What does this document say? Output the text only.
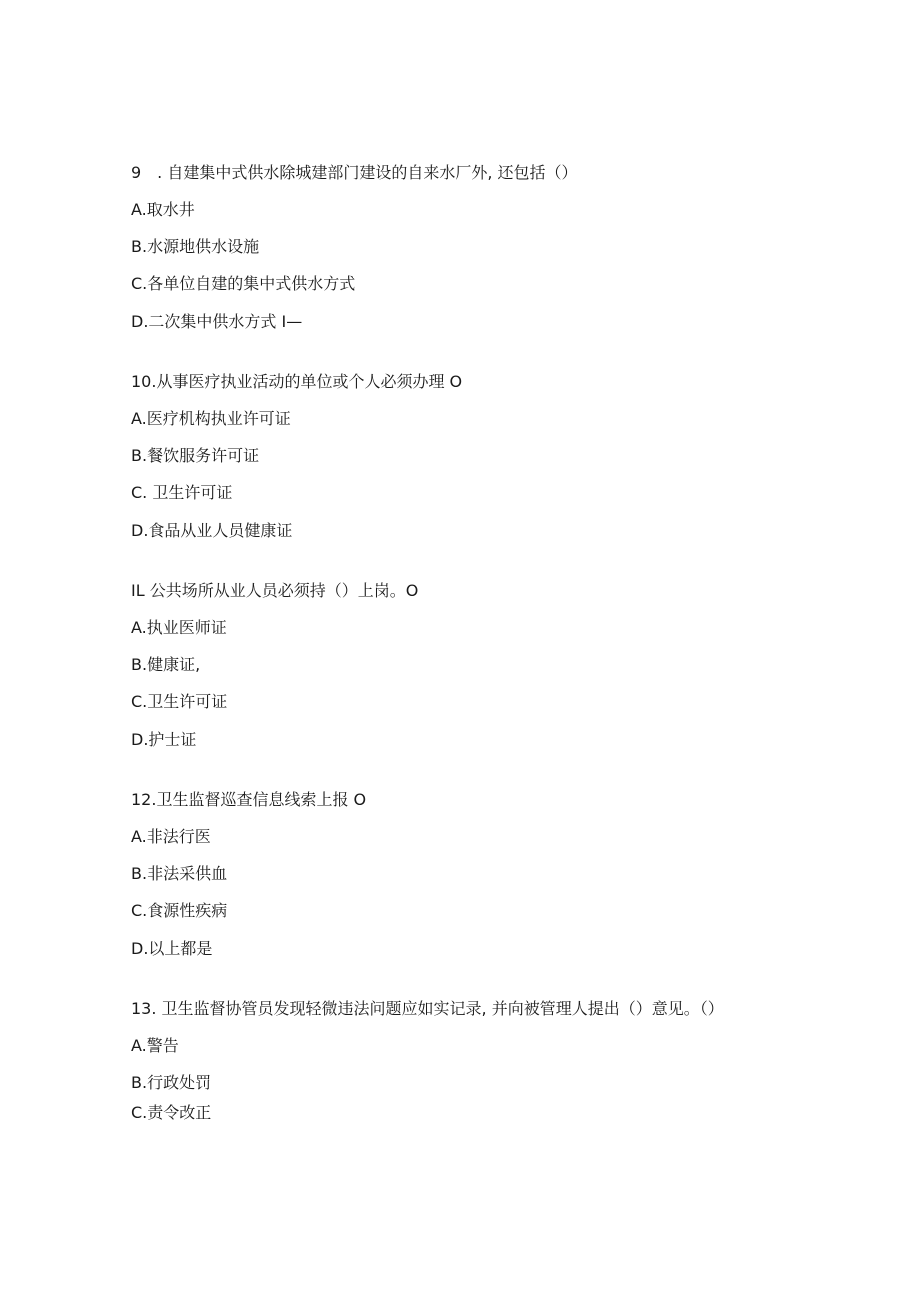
9　. 自建集中式供水除城建部门建设的自来水厂外, 还包括（）
A.取水井
B.水源地供水设施
C.各单位自建的集中式供水方式
D.二次集中供水方式 I—
10.从事医疗执业活动的单位或个人必须办理 O
A.医疗机构执业许可证
B.餐饮服务许可证
C. 卫生许可证
D.食品从业人员健康证
IL 公共场所从业人员必须持（）上岗。O
A.执业医师证
B.健康证,
C.卫生许可证
D.护士证
12.卫生监督巡查信息线索上报 O
A.非法行医
B.非法采供血
C.食源性疾病
D.以上都是
13. 卫生监督协管员发现轻微违法问题应如实记录, 并向被管理人提出（）意见。（）
A.警告
B.行政处罚
C.责令改正
